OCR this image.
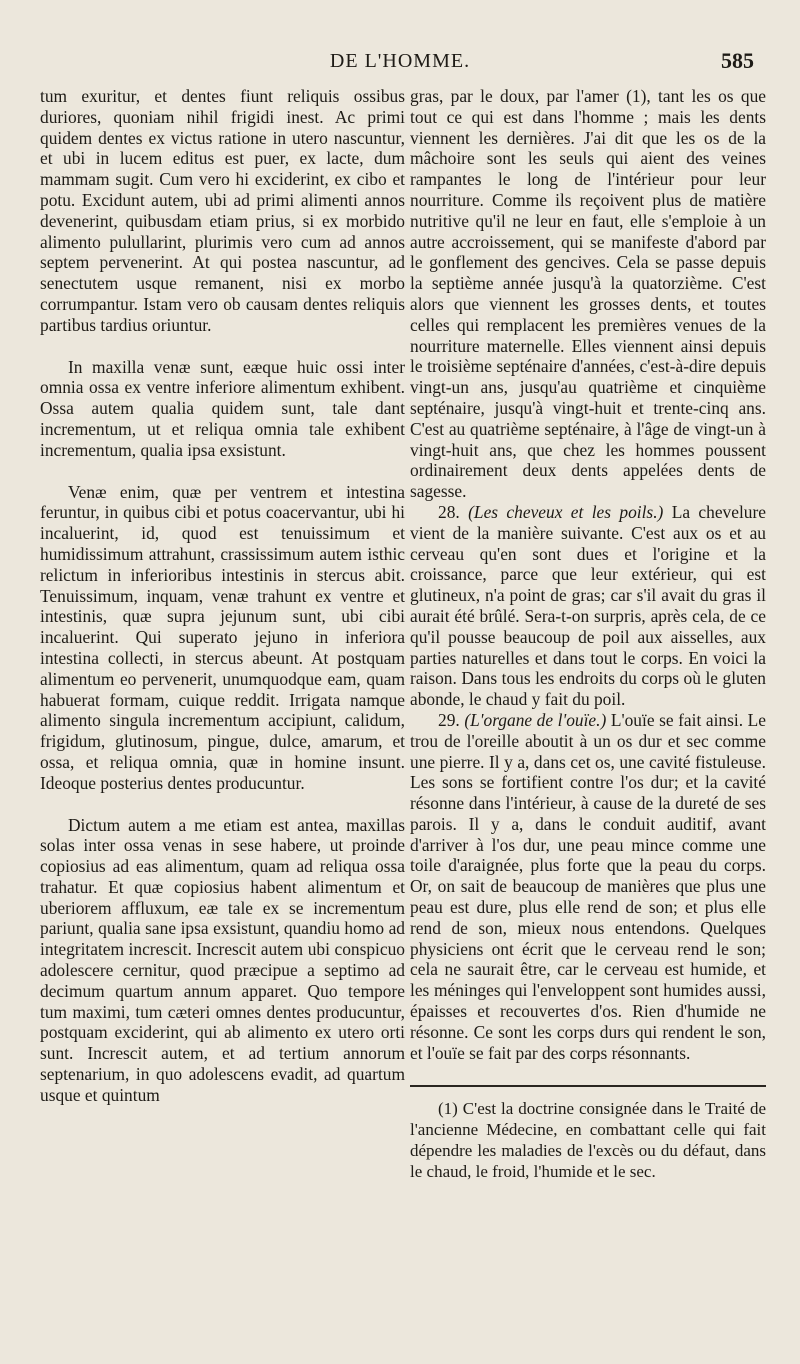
DE L'HOMME.	585

tum exuritur, et dentes fiunt reliquis ossibus duriores, quoniam nihil frigidi inest. Ac primi quidem dentes ex victus ratione in utero nascuntur, et ubi in lucem editus est puer, ex lacte, dum mammam sugit. Cum vero hi exciderint, ex cibo et potu. Excidunt autem, ubi ad primi alimenti annos devenerint, quibusdam etiam prius, si ex morbido alimento pulullarint, plurimis vero cum ad annos septem pervenerint. At qui postea nascuntur, ad senectutem usque remanent, nisi ex morbo corrumpantur. Istam vero ob causam dentes reliquis partibus tardius oriuntur.

In maxilla venæ sunt, eæque huic ossi inter omnia ossa ex ventre inferiore alimentum exhibent. Ossa autem qualia quidem sunt, tale dant incrementum, ut et reliqua omnia tale exhibent incrementum, qualia ipsa exsistunt.

Venæ enim, quæ per ventrem et intestina feruntur, in quibus cibi et potus coacervantur, ubi hi incaluerint, id, quod est tenuissimum et humidissimum attrahunt, crassissimum autem isthic relictum in inferioribus intestinis in stercus abit. Tenuissimum, inquam, venæ trahunt ex ventre et intestinis, quæ supra jejunum sunt, ubi cibi incaluerint. Qui superato jejuno in inferiora intestina collecti, in stercus abeunt. At postquam alimentum eo pervenerit, unumquodque eam, quam habuerat formam, cuique reddit. Irrigata namque alimento singula incrementum accipiunt, calidum, frigidum, glutinosum, pingue, dulce, amarum, et ossa, et reliqua omnia, quæ in homine insunt. Ideoque posterius dentes producuntur.

Dictum autem a me etiam est antea, maxillas solas inter ossa venas in sese habere, ut proinde copiosius ad eas alimentum, quam ad reliqua ossa trahatur. Et quæ copiosius habent alimentum et uberiorem affluxum, eæ tale ex se incrementum pariunt, qualia sane ipsa exsistunt, quandiu homo ad integritatem increscit. Increscit autem ubi conspicuo adolescere cernitur, quod præcipue a septimo ad decimum quartum annum apparet. Quo tempore tum maximi, tum cæteri omnes dentes producuntur, postquam exciderint, qui ab alimento ex utero orti sunt. Increscit autem, et ad tertium annorum septenarium, in quo adolescens evadit, ad quartum usque et quintum

gras, par le doux, par l'amer (1), tant les os que tout ce qui est dans l'homme ; mais les dents viennent les dernières. J'ai dit que les os de la mâchoire sont les seuls qui aient des veines rampantes le long de l'intérieur pour leur nourriture. Comme ils reçoivent plus de matière nutritive qu'il ne leur en faut, elle s'emploie à un autre accroissement, qui se manifeste d'abord par le gonflement des gencives. Cela se passe depuis la septième année jusqu'à la quatorzième. C'est alors que viennent les grosses dents, et toutes celles qui remplacent les premières venues de la nourriture maternelle. Elles viennent ainsi depuis le troisième septénaire d'années, c'est-à-dire depuis vingt-un ans, jusqu'au quatrième et cinquième septénaire, jusqu'à vingt-huit et trente-cinq ans. C'est au quatrième septénaire, à l'âge de vingt-un à vingt-huit ans, que chez les hommes poussent ordinairement deux dents appelées dents de sagesse.

28. (Les cheveux et les poils.) La chevelure vient de la manière suivante. C'est aux os et au cerveau qu'en sont dues et l'origine et la croissance, parce que leur extérieur, qui est glutineux, n'a point de gras; car s'il avait du gras il aurait été brûlé. Sera-t-on surpris, après cela, de ce qu'il pousse beaucoup de poil aux aisselles, aux parties naturelles et dans tout le corps. En voici la raison. Dans tous les endroits du corps où le gluten abonde, le chaud y fait du poil.

29. (L'organe de l'ouïe.) L'ouïe se fait ainsi. Le trou de l'oreille aboutit à un os dur et sec comme une pierre. Il y a, dans cet os, une cavité fistuleuse. Les sons se fortifient contre l'os dur; et la cavité résonne dans l'intérieur, à cause de la dureté de ses parois. Il y a, dans le conduit auditif, avant d'arriver à l'os dur, une peau mince comme une toile d'araignée, plus forte que la peau du corps. Or, on sait de beaucoup de manières que plus une peau est dure, plus elle rend de son; et plus elle rend de son, mieux nous entendons. Quelques physiciens ont écrit que le cerveau rend le son; cela ne saurait être, car le cerveau est humide, et les méninges qui l'enveloppent sont humides aussi, épaisses et recouvertes d'os. Rien d'humide ne résonne. Ce sont les corps durs qui rendent le son, et l'ouïe se fait par des corps résonnants.

(1) C'est la doctrine consignée dans le Traité de l'ancienne Médecine, en combattant celle qui fait dépendre les maladies de l'excès ou du défaut, dans le chaud, le froid, l'humide et le sec.
